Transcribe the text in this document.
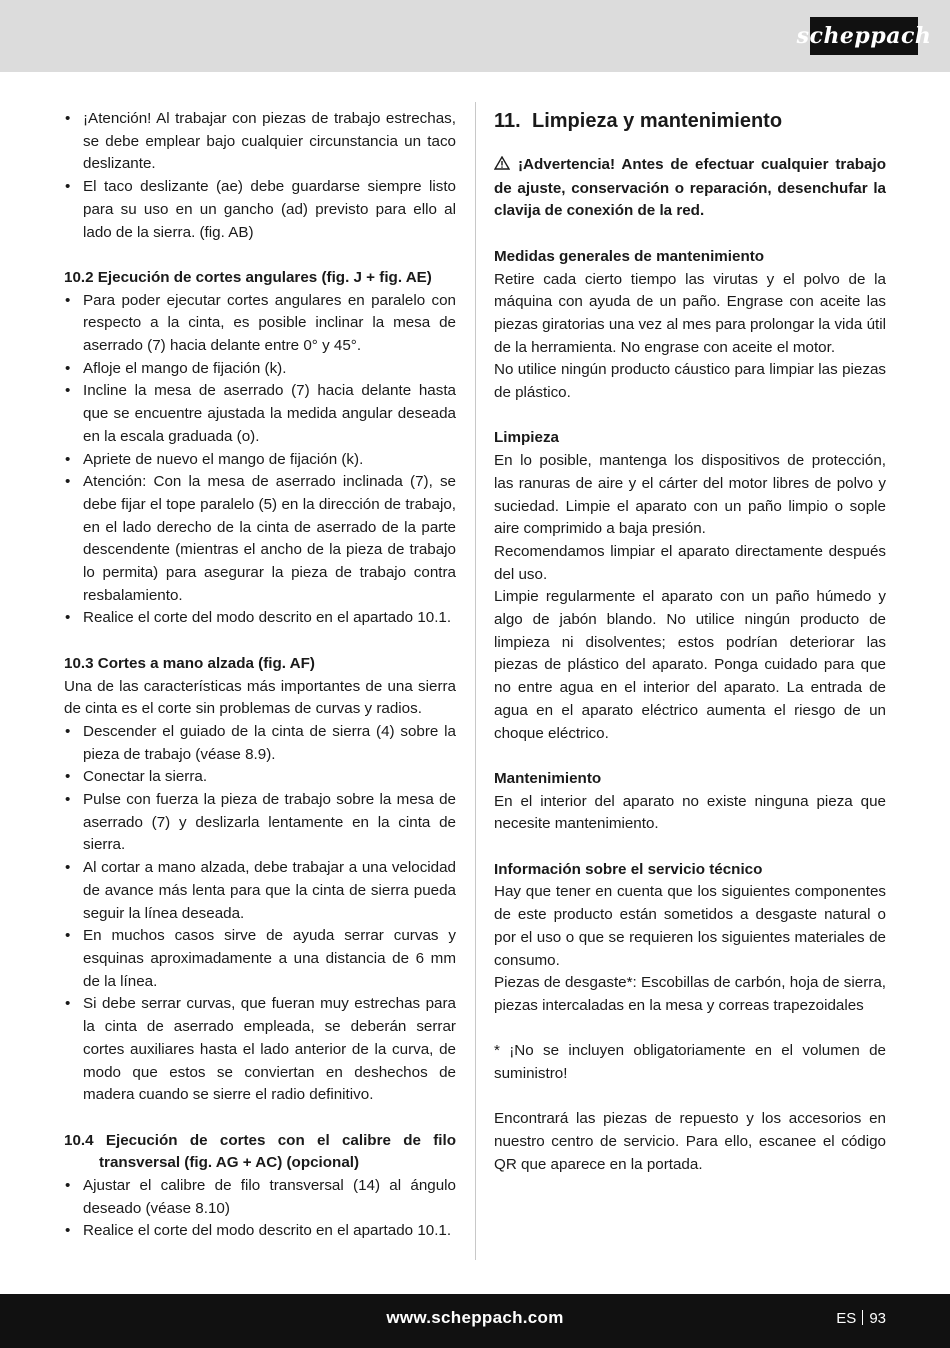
scheppach
• ¡Atención! Al trabajar con piezas de trabajo estrechas, se debe emplear bajo cualquier circunstancia un taco deslizante.
• El taco deslizante (ae) debe guardarse siempre listo para su uso en un gancho (ad) previsto para ello al lado de la sierra. (fig. AB)
10.2 Ejecución de cortes angulares (fig. J + fig. AE)
• Para poder ejecutar cortes angulares en paralelo con respecto a la cinta, es posible inclinar la mesa de aserrado (7) hacia delante entre 0° y 45°.
• Afloje el mango de fijación (k).
• Incline la mesa de aserrado (7) hacia delante hasta que se encuentre ajustada la medida angular deseada en la escala graduada (o).
• Apriete de nuevo el mango de fijación (k).
• Atención: Con la mesa de aserrado inclinada (7), se debe fijar el tope paralelo (5) en la dirección de trabajo, en el lado derecho de la cinta de aserrado de la parte descendente (mientras el ancho de la pieza de trabajo lo permita) para asegurar la pieza de trabajo contra resbalamiento.
• Realice el corte del modo descrito en el apartado 10.1.
10.3 Cortes a mano alzada (fig. AF)

Una de las características más importantes de una sierra de cinta es el corte sin problemas de curvas y radios.

• Descender el guiado de la cinta de sierra (4) sobre la pieza de trabajo (véase 8.9).
• Conectar la sierra.
• Pulse con fuerza la pieza de trabajo sobre la mesa de aserrado (7) y deslizarla lentamente en la cinta de sierra.
• Al cortar a mano alzada, debe trabajar a una velocidad de avance más lenta para que la cinta de sierra pueda seguir la línea deseada.
• En muchos casos sirve de ayuda serrar curvas y esquinas aproximadamente a una distancia de 6 mm de la línea.
• Si debe serrar curvas, que fueran muy estrechas para la cinta de aserrado empleada, se deberán serrar cortes auxiliares hasta el lado anterior de la curva, de modo que estos se conviertan en deshechos de madera cuando se sierre el radio definitivo.
10.4 Ejecución de cortes con el calibre de filo transversal (fig. AG + AC) (opcional)
• Ajustar el calibre de filo transversal (14) al ángulo deseado (véase 8.10)
• Realice el corte del modo descrito en el apartado 10.1.
11. Limpieza y mantenimiento

¡Advertencia! Antes de efectuar cualquier trabajo de ajuste, conservación o reparación, desenchufar la clavija de conexión de la red.

Medidas generales de mantenimiento

Retire cada cierto tiempo las virutas y el polvo de la máquina con ayuda de un paño. Engrase con aceite las piezas giratorias una vez al mes para prolongar la vida útil de la herramienta. No engrase con aceite el motor.

No utilice ningún producto cáustico para limpiar las piezas de plástico.

Limpieza

En lo posible, mantenga los dispositivos de protección, las ranuras de aire y el cárter del motor libres de polvo y suciedad. Limpie el aparato con un paño limpio o sople aire comprimido a baja presión.

Recomendamos limpiar el aparato directamente después del uso.

Limpie regularmente el aparato con un paño húmedo y algo de jabón blando. No utilice ningún producto de limpieza ni disolventes; estos podrían deteriorar las piezas de plástico del aparato. Ponga cuidado para que no entre agua en el interior del aparato. La entrada de agua en el aparato eléctrico aumenta el riesgo de un choque eléctrico.

Mantenimiento

En el interior del aparato no existe ninguna pieza que necesite mantenimiento.

Información sobre el servicio técnico

Hay que tener en cuenta que los siguientes componentes de este producto están sometidos a desgaste natural o por el uso o que se requieren los siguientes materiales de consumo.

Piezas de desgaste*: Escobillas de carbón, hoja de sierra, piezas intercaladas en la mesa y correas trapezoidales

* ¡No se incluyen obligatoriamente en el volumen de suministro!

Encontrará las piezas de repuesto y los accesorios en nuestro centro de servicio. Para ello, escanee el código QR que aparece en la portada.

www.scheppach.com	ES 93
